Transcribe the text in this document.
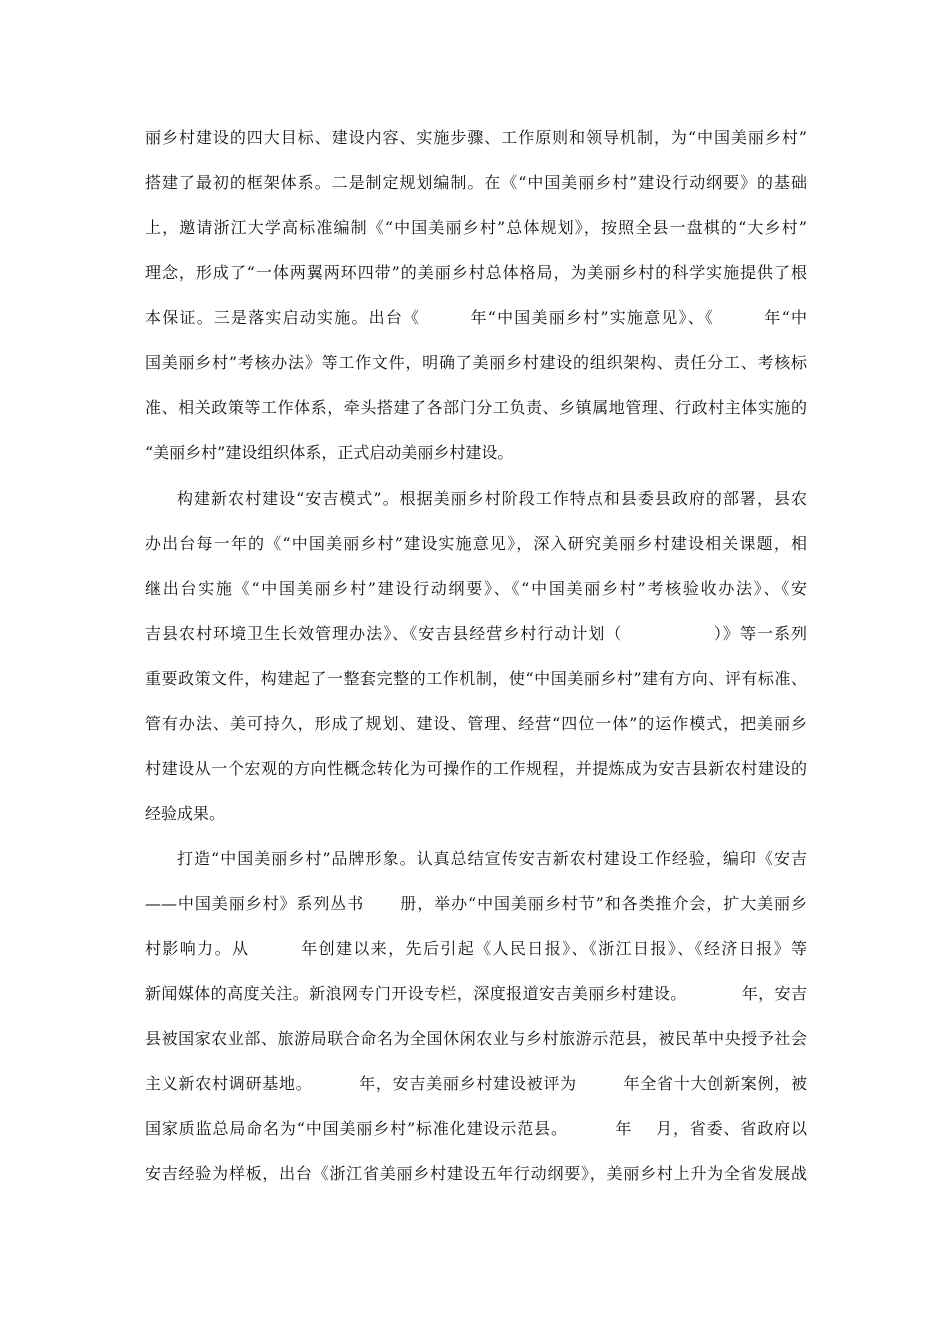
丽乡村建设的四大目标、建设内容、实施步骤、工作原则和领导机制，为“中国美丽乡村”
搭建了最初的框架体系。二是制定规划编制。在《“中国美丽乡村”建设行动纲要》的基础
上，邀请浙江大学高标准编制《“中国美丽乡村”总体规划》，按照全县一盘棋的“大乡村”
理念，形成了“一体两翼两环四带”的美丽乡村总体格局，为美丽乡村的科学实施提供了根
本保证。三是落实启动实施。出台《        年“中国美丽乡村”实施意见》、《        年“中
国美丽乡村”考核办法》等工作文件，明确了美丽乡村建设的组织架构、责任分工、考核标
准、相关政策等工作体系，牵头搭建了各部门分工负责、乡镇属地管理、行政村主体实施的
“美丽乡村”建设组织体系，正式启动美丽乡村建设。
构建新农村建设“安吉模式”。根据美丽乡村阶段工作特点和县委县政府的部署，县农
办出台每一年的《“中国美丽乡村”建设实施意见》，深入研究美丽乡村建设相关课题，相
继出台实施《“中国美丽乡村”建设行动纲要》、《“中国美丽乡村”考核验收办法》、《安
吉县农村环境卫生长效管理办法》、《安吉县经营乡村行动计划（               ）》等一系列
重要政策文件，构建起了一整套完整的工作机制，使“中国美丽乡村”建有方向、评有标准、
管有办法、美可持久，形成了规划、建设、管理、经营“四位一体”的运作模式，把美丽乡
村建设从一个宏观的方向性概念转化为可操作的工作规程，并提炼成为安吉县新农村建设的
经验成果。
打造“中国美丽乡村”品牌形象。认真总结宣传安吉新农村建设工作经验，编印《安吉
——中国美丽乡村》系列丛书      册，举办“中国美丽乡村节”和各类推介会，扩大美丽乡
村影响力。从        年创建以来，先后引起《人民日报》、《浙江日报》、《经济日报》等
新闻媒体的高度关注。新浪网专门开设专栏，深度报道安吉美丽乡村建设。          年，安吉
县被国家农业部、旅游局联合命名为全国休闲农业与乡村旅游示范县，被民革中央授予社会
主义新农村调研基地。        年，安吉美丽乡村建设被评为        年全省十大创新案例，被
国家质监总局命名为“中国美丽乡村”标准化建设示范县。        年    月，省委、省政府以
安吉经验为样板，出台《浙江省美丽乡村建设五年行动纲要》，美丽乡村上升为全省发展战
